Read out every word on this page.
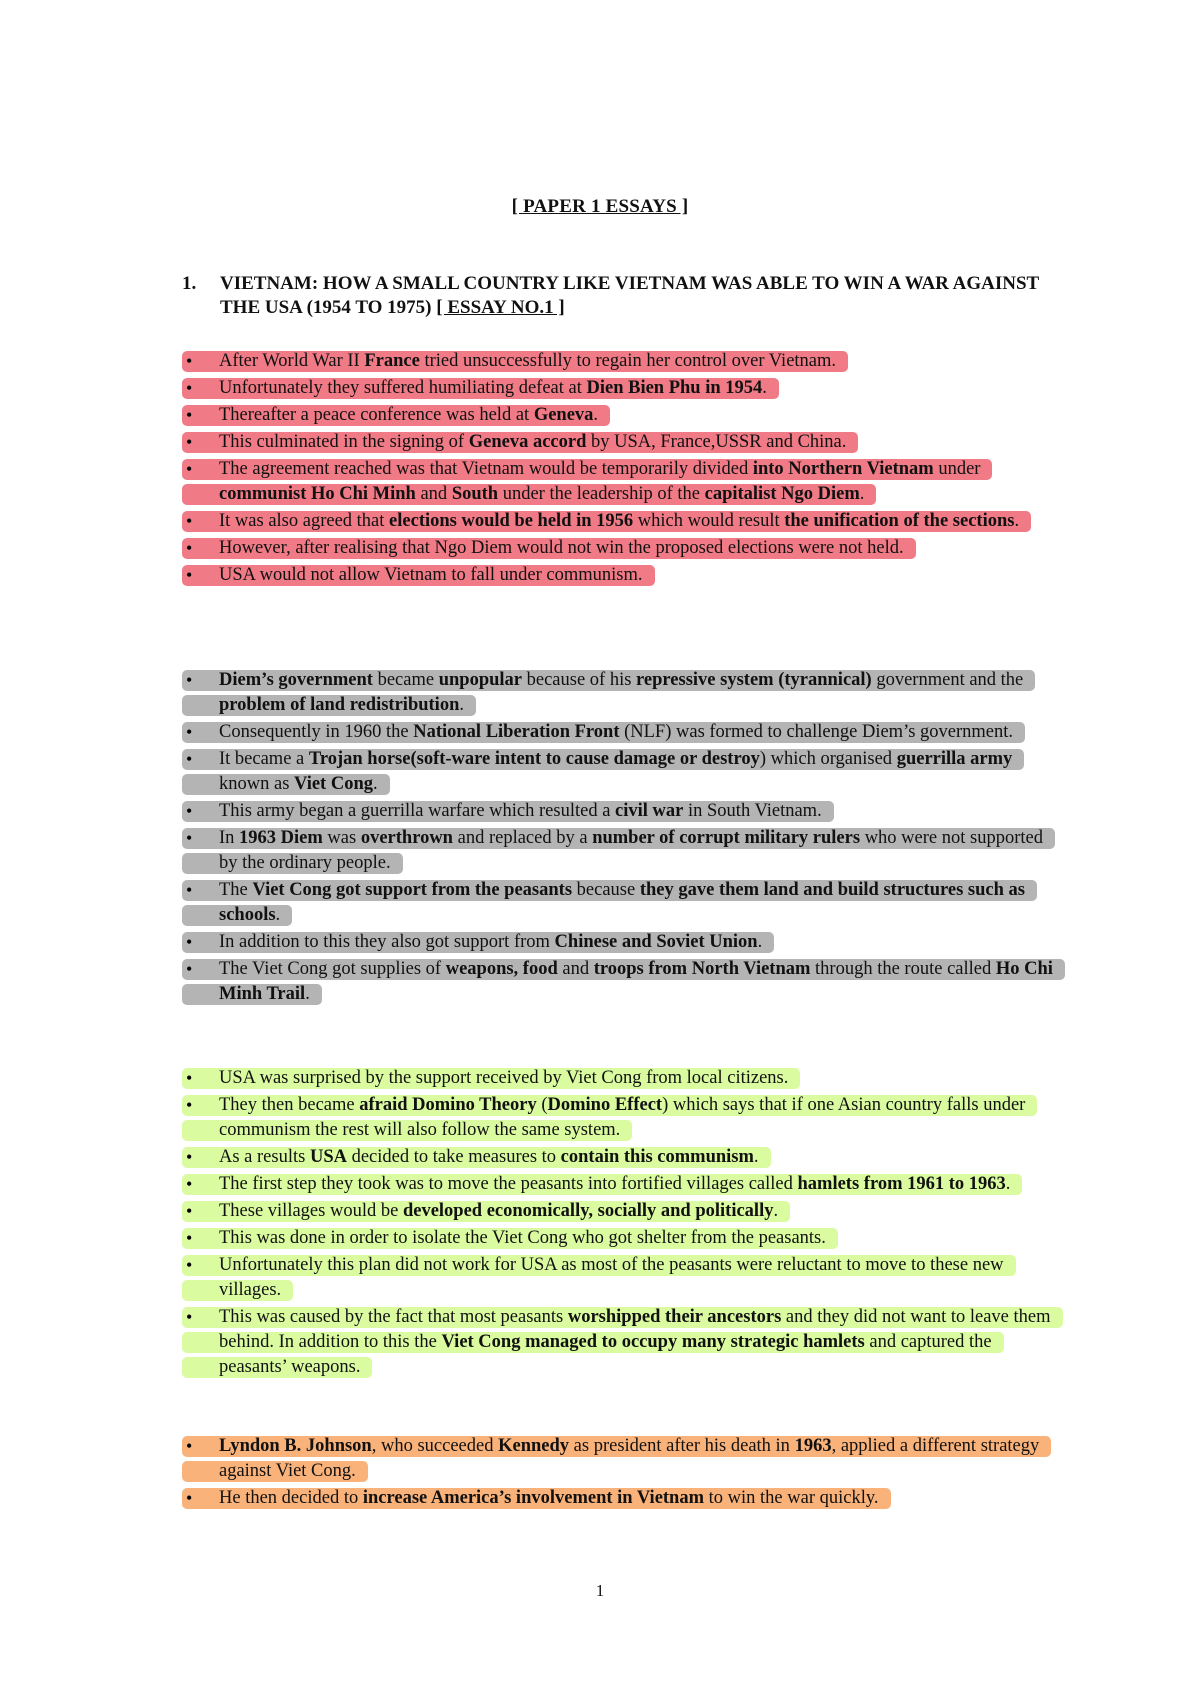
[ PAPER 1 ESSAYS ]
1. VIETNAM: HOW A SMALL COUNTRY LIKE VIETNAM WAS ABLE TO WIN A WAR AGAINST THE USA (1954 TO 1975) [ ESSAY NO.1 ]
• After World War II France tried unsuccessfully to regain her control over Vietnam.
• Unfortunately they suffered humiliating defeat at Dien Bien Phu in 1954.
• Thereafter a peace conference was held at Geneva.
• This culminated in the signing of Geneva accord by USA, France,USSR and China.
• The agreement reached was that Vietnam would be temporarily divided into Northern Vietnam under communist Ho Chi Minh and South under the leadership of the capitalist Ngo Diem.
• It was also agreed that elections would be held in 1956 which would result the unification of the sections.
• However, after realising that Ngo Diem would not win the proposed elections were not held.
• USA would not allow Vietnam to fall under communism.
• Diem’s government became unpopular because of his repressive system (tyrannical) government and the problem of land redistribution.
• Consequently in 1960 the National Liberation Front (NLF) was formed to challenge Diem’s government.
• It became a Trojan horse(soft-ware intent to cause damage or destroy) which organised guerrilla army known as Viet Cong.
• This army began a guerrilla warfare which resulted a civil war in South Vietnam.
• In 1963 Diem was overthrown and replaced by a number of corrupt military rulers who were not supported by the ordinary people.
• The Viet Cong got support from the peasants because they gave them land and build structures such as schools.
• In addition to this they also got support from Chinese and Soviet Union.
• The Viet Cong got supplies of weapons, food and troops from North Vietnam through the route called Ho Chi Minh Trail.
• USA was surprised by the support received by Viet Cong from local citizens.
• They then became afraid Domino Theory (Domino Effect) which says that if one Asian country falls under communism the rest will also follow the same system.
• As a results USA decided to take measures to contain this communism.
• The first step they took was to move the peasants into fortified villages called hamlets from 1961 to 1963.
• These villages would be developed economically, socially and politically.
• This was done in order to isolate the Viet Cong who got shelter from the peasants.
• Unfortunately this plan did not work for USA as most of the peasants were reluctant to move to these new villages.
• This was caused by the fact that most peasants worshipped their ancestors and they did not want to leave them behind. In addition to this the Viet Cong managed to occupy many strategic hamlets and captured the peasants’ weapons.
• Lyndon B. Johnson, who succeeded Kennedy as president after his death in 1963, applied a different strategy against Viet Cong.
• He then decided to increase America’s involvement in Vietnam to win the war quickly.
1
